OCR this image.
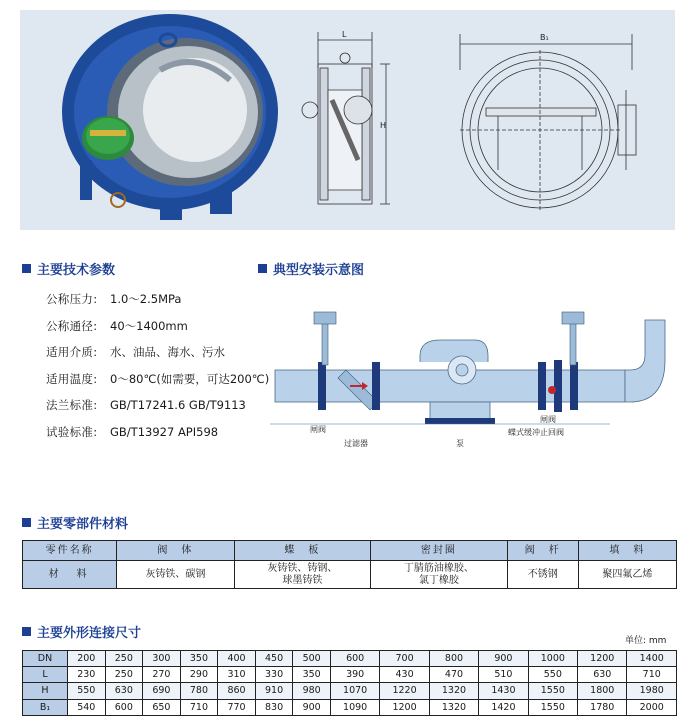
L
H
B₁
主要技术参数
公称压力:	1.0～2.5MPa
公称通径:	40～1400mm
适用介质:	水、油品、海水、污水
适用温度:	0～80℃(如需要，可达200℃)
法兰标准:	GB/T17241.6 GB/T9113
试验标准:	GB/T13927 API598
典型安装示意图
闸阀
过滤器	泵
闸阀
蝶式缓冲止回阀
主要零部件材料
零件名称	阀　体	蝶　板	密封圈	阀　杆	填　料
材　料	灰铸铁、碳钢	灰铸铁、铸钢、
球墨铸铁	丁腈筋油橡胶、
氯丁橡胶	不锈钢	聚四氟乙烯
主要外形连接尺寸	单位: mm
DN	200	250	300	350	400	450	500	600	700	800	900	1000	1200	1400
L	230	250	270	290	310	330	350	390	430	470	510	550	630	710
H	550	630	690	780	860	910	980	1070	1220	1320	1430	1550	1800	1980
B₁	540	600	650	710	770	830	900	1090	1200	1320	1420	1550	1780	2000
